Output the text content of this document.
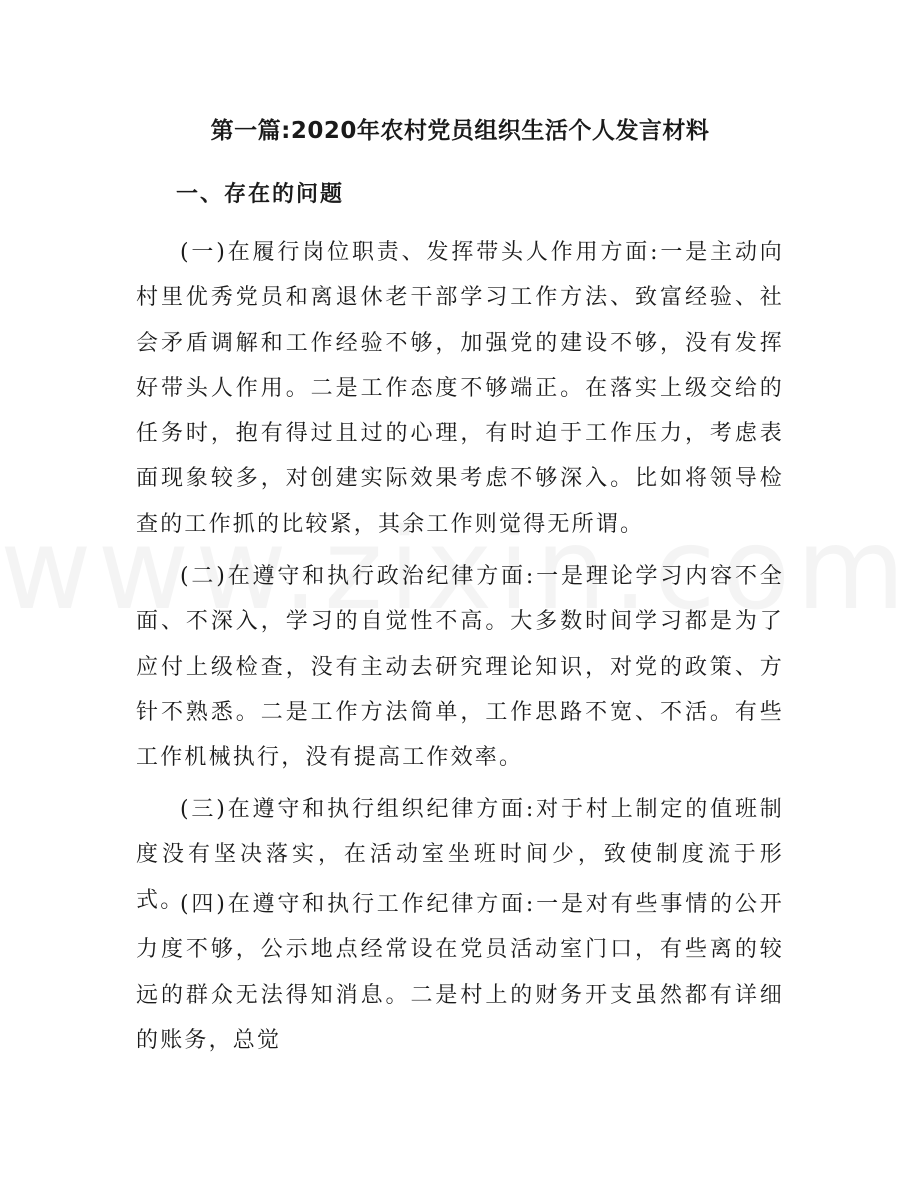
第一篇:2020年农村党员组织生活个人发言材料
一、存在的问题

(一)在履行岗位职责、发挥带头人作用方面:一是主动向村里优秀党员和离退休老干部学习工作方法、致富经验、社会矛盾调解和工作经验不够，加强党的建设不够，没有发挥好带头人作用。二是工作态度不够端正。在落实上级交给的任务时，抱有得过且过的心理，有时迫于工作压力，考虑表面现象较多，对创建实际效果考虑不够深入。比如将领导检查的工作抓的比较紧，其余工作则觉得无所谓。

(二)在遵守和执行政治纪律方面:一是理论学习内容不全面、不深入，学习的自觉性不高。大多数时间学习都是为了应付上级检查，没有主动去研究理论知识，对党的政策、方针不熟悉。二是工作方法简单，工作思路不宽、不活。有些工作机械执行，没有提高工作效率。

(三)在遵守和执行组织纪律方面:对于村上制定的值班制度没有坚决落实，在活动室坐班时间少，致使制度流于形式。

(四)在遵守和执行工作纪律方面:一是对有些事情的公开力度不够，公示地点经常设在党员活动室门口，有些离的较远的群众无法得知消息。二是村上的财务开支虽然都有详细的账务，总觉
